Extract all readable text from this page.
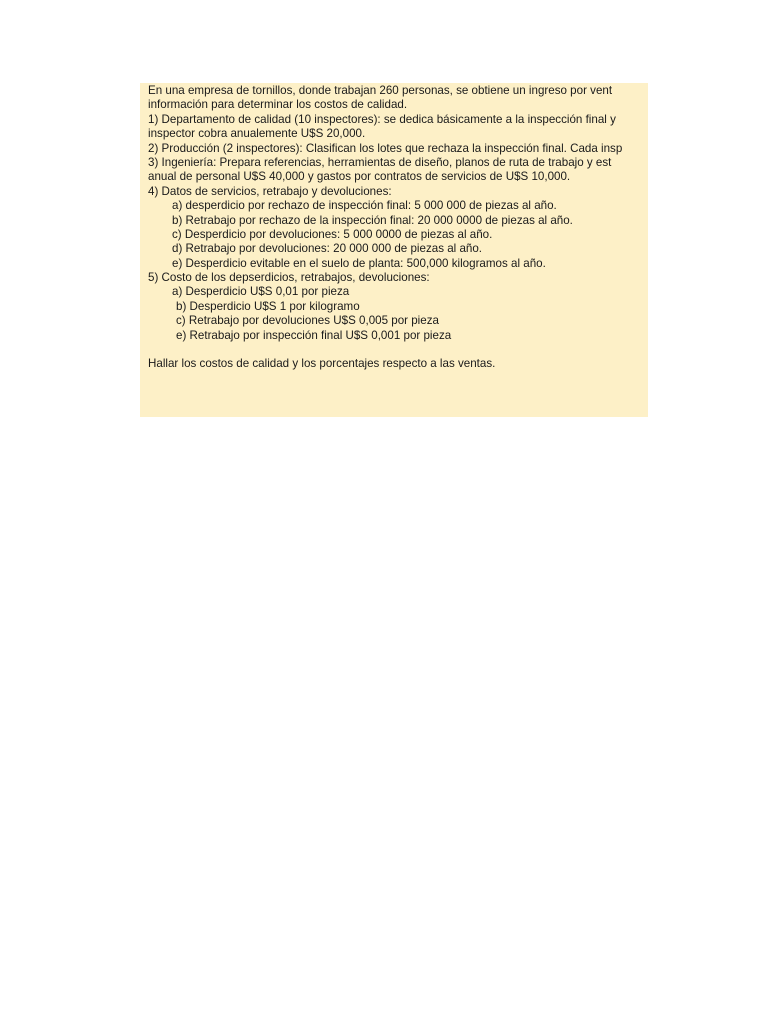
En una empresa de tornillos, donde trabajan 260 personas, se obtiene un ingreso por vent
información para determinar los costos de calidad.
1) Departamento de calidad (10 inspectores): se dedica básicamente a la inspección final y
inspector cobra anualemente U$S 20,000.
2) Producción (2 inspectores): Clasifican los lotes que rechaza la inspección final. Cada insp
3) Ingeniería: Prepara referencias, herramientas de diseño, planos de ruta de trabajo y est
anual de personal U$S 40,000 y gastos por contratos de servicios de U$S 10,000.
4) Datos de servicios, retrabajo y devoluciones:
a) desperdicio por rechazo de inspección final: 5 000 000 de piezas al año.
b) Retrabajo por rechazo de la inspección final: 20 000 0000 de piezas al año.
c) Desperdicio por devoluciones: 5 000 0000 de piezas al año.
d) Retrabajo por devoluciones: 20 000 000 de piezas al año.
e) Desperdicio evitable en el suelo de planta: 500,000 kilogramos al año.
5) Costo de los depserdicios, retrabajos, devoluciones:
a) Desperdicio U$S 0,01 por pieza
b) Desperdicio U$S 1 por kilogramo
c) Retrabajo por devoluciones U$S 0,005 por pieza
e) Retrabajo por inspección final U$S 0,001 por pieza
Hallar los costos de calidad y los porcentajes respecto a las ventas.
